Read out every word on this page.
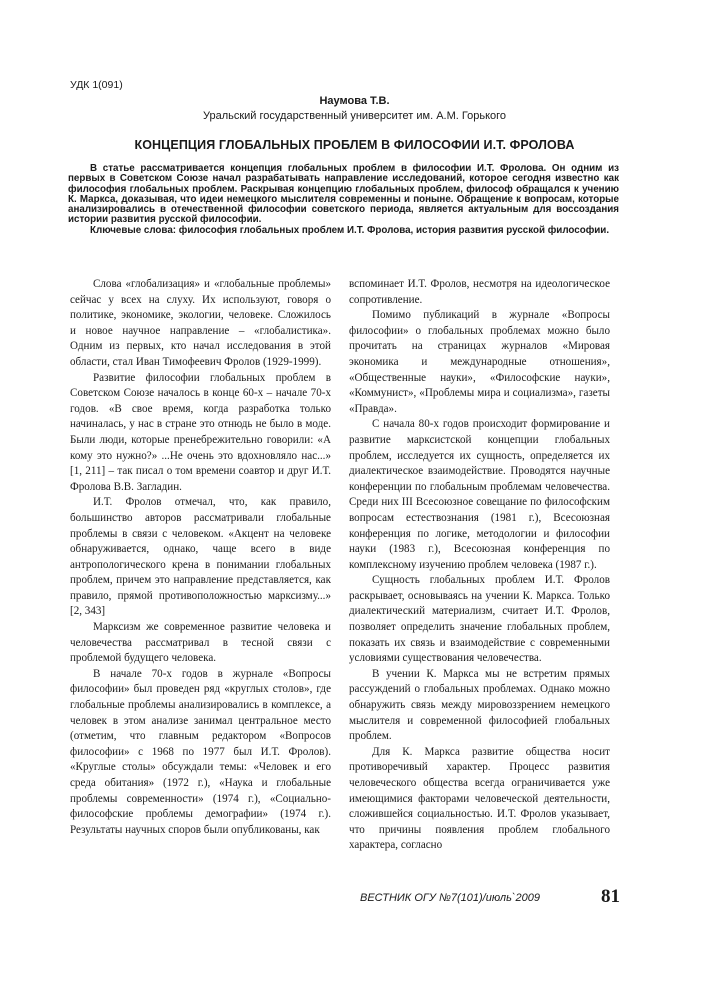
УДК 1(091)
Наумова Т.В.
Уральский государственный университет им. А.М. Горького
КОНЦЕПЦИЯ ГЛОБАЛЬНЫХ ПРОБЛЕМ В ФИЛОСОФИИ И.Т. ФРОЛОВА

В статье рассматривается концепция глобальных проблем в философии И.Т. Фролова. Он одним из первых в Советском Союзе начал разрабатывать направление исследований, которое сегодня известно как философия глобальных проблем. Раскрывая концепцию глобальных проблем, философ обращался к учению К. Маркса, доказывая, что идеи немецкого мыслителя современны и поныне. Обращение к вопросам, которые анализировались в отечественной философии советского периода, является актуальным для воссоздания истории развития русской философии.

Ключевые слова: философия глобальных проблем И.Т. Фролова, история развития русской философии.

Слова «глобализация» и «глобальные проблемы» сейчас у всех на слуху. Их используют, говоря о политике, экономике, экологии, человеке. Сложилось и новое научное направление – «глобалистика». Одним из первых, кто начал исследования в этой области, стал Иван Тимофеевич Фролов (1929-1999).

Развитие философии глобальных проблем в Советском Союзе началось в конце 60-х – начале 70-х годов. «В свое время, когда разработка только начиналась, у нас в стране это отнюдь не было в моде. Были люди, которые пренебрежительно говорили: «А кому это нужно?» ...Не очень это вдохновляло нас...» [1, 211] – так писал о том времени соавтор и друг И.Т. Фролова В.В. Загладин.

И.Т. Фролов отмечал, что, как правило, большинство авторов рассматривали глобальные проблемы в связи с человеком. «Акцент на человеке обнаруживается, однако, чаще всего в виде антропологического крена в понимании глобальных проблем, причем это направление представляется, как правило, прямой противоположностью марксизму...» [2, 343]

Марксизм же современное развитие человека и человечества рассматривал в тесной связи с проблемой будущего человека.

В начале 70-х годов в журнале «Вопросы философии» был проведен ряд «круглых столов», где глобальные проблемы анализировались в комплексе, а человек в этом анализе занимал центральное место (отметим, что главным редактором «Вопросов философии» с 1968 по 1977 был И.Т. Фролов). «Круглые столы» обсуждали темы: «Человек и его среда обитания» (1972 г.), «Наука и глобальные проблемы современности» (1974 г.), «Социально-философские проблемы демографии» (1974 г.). Результаты научных споров были опубликованы, как

вспоминает И.Т. Фролов, несмотря на идеологическое сопротивление.

Помимо публикаций в журнале «Вопросы философии» о глобальных проблемах можно было прочитать на страницах журналов «Мировая экономика и международные отношения», «Общественные науки», «Философские науки», «Коммунист», «Проблемы мира и социализма», газеты «Правда».

С начала 80-х годов происходит формирование и развитие марксистской концепции глобальных проблем, исследуется их сущность, определяется их диалектическое взаимодействие. Проводятся научные конференции по глобальным проблемам человечества. Среди них III Всесоюзное совещание по философским вопросам естествознания (1981 г.), Всесоюзная конференция по логике, методологии и философии науки (1983 г.), Всесоюзная конференция по комплексному изучению проблем человека (1987 г.).

Сущность глобальных проблем И.Т. Фролов раскрывает, основываясь на учении К. Маркса. Только диалектический материализм, считает И.Т. Фролов, позволяет определить значение глобальных проблем, показать их связь и взаимодействие с современными условиями существования человечества.

В учении К. Маркса мы не встретим прямых рассуждений о глобальных проблемах. Однако можно обнаружить связь между мировоззрением немецкого мыслителя и современной философией глобальных проблем.

Для К. Маркса развитие общества носит противоречивый характер. Процесс развития человеческого общества всегда ограничивается уже имеющимися факторами человеческой деятельности, сложившейся социальностью. И.Т. Фролов указывает, что причины появления проблем глобального характера, согласно

ВЕСТНИК ОГУ №7(101)/июль`2009	81
